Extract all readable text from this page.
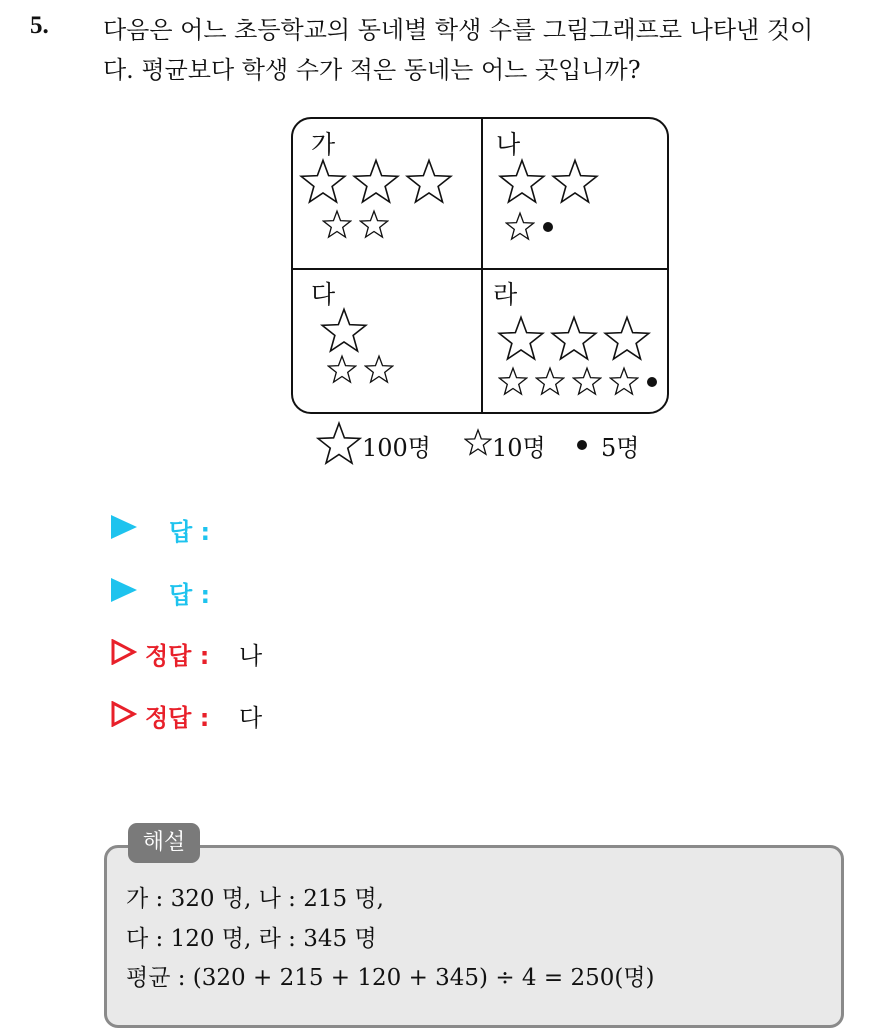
5. 다음은 어느 초등학교의 동네별 학생 수를 그림그래프로 나타낸 것이
다. 평균보다 학생 수가 적은 동네는 어느 곳입니까?
가	나
다	라
100명	10명 5명
답 :
답 :
정답 : 나
정답 : 다
해설
가 : 320 명, 나 : 215 명,
다 : 120 명, 라 : 345 명
평균 : (320 + 215 + 120 + 345) ÷ 4 = 250(명)
